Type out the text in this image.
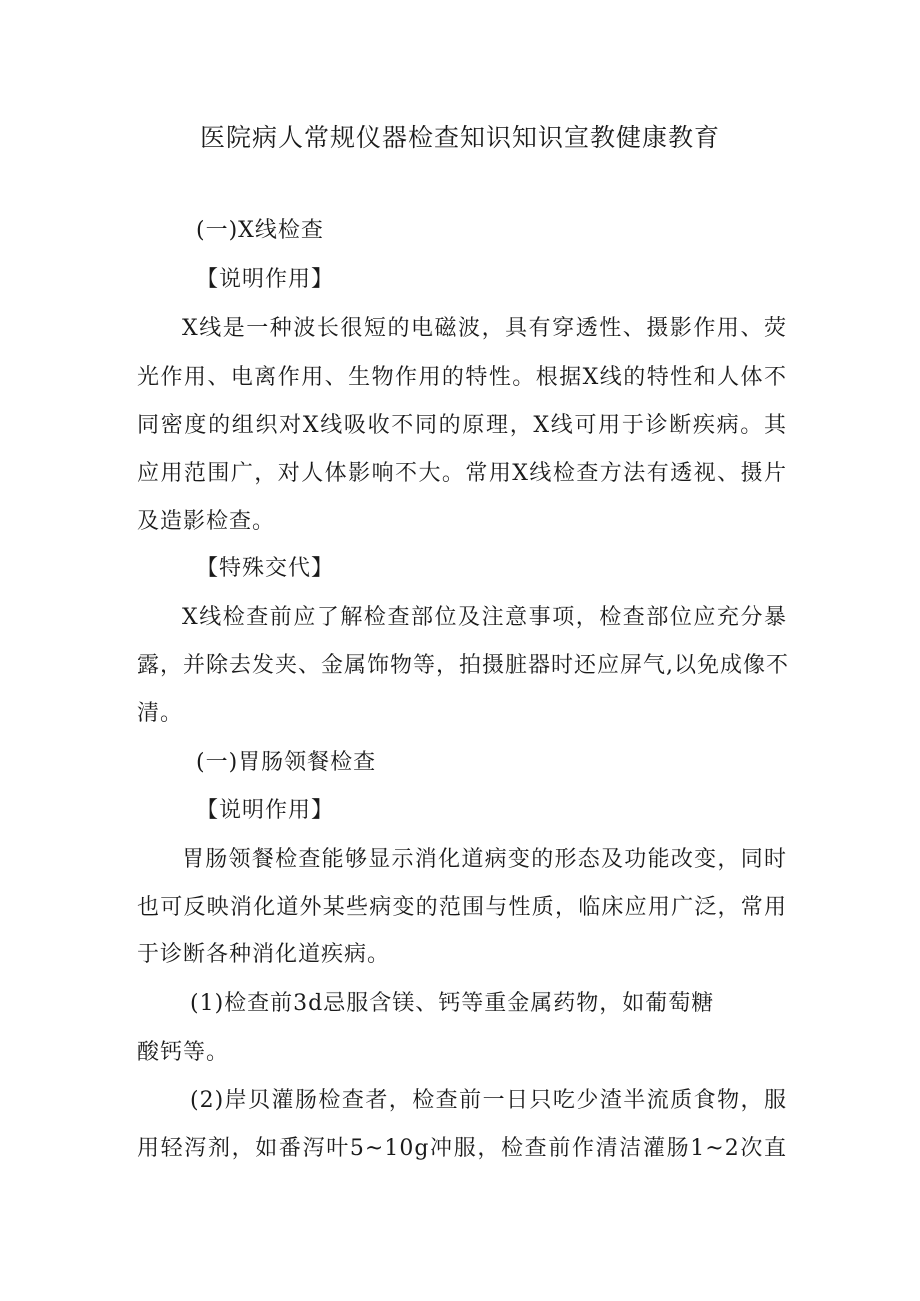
医院病人常规仪器检查知识知识宣教健康教育
(一)X线检查
【说明作用】
X线是一种波长很短的电磁波，具有穿透性、摄影作用、荧
光作用、电离作用、生物作用的特性。根据X线的特性和人体不
同密度的组织对X线吸收不同的原理，X线可用于诊断疾病。其
应用范围广，对人体影响不大。常用X线检查方法有透视、摄片
及造影检查。
【特殊交代】
X线检查前应了解检查部位及注意事项，检查部位应充分暴
露，并除去发夹、金属饰物等，拍摄脏器时还应屏气,以免成像不
清。
(一)胃肠领餐检查
【说明作用】
胃肠领餐检查能够显示消化道病变的形态及功能改变，同时
也可反映消化道外某些病变的范围与性质，临床应用广泛，常用
于诊断各种消化道疾病。
(1)检查前3d忌服含镁、钙等重金属药物，如葡萄糖
酸钙等。
(2)岸贝灌肠检查者，检查前一日只吃少渣半流质食物，服
用轻泻剂，如番泻叶5~10g冲服，检查前作清洁灌肠1~2次直
